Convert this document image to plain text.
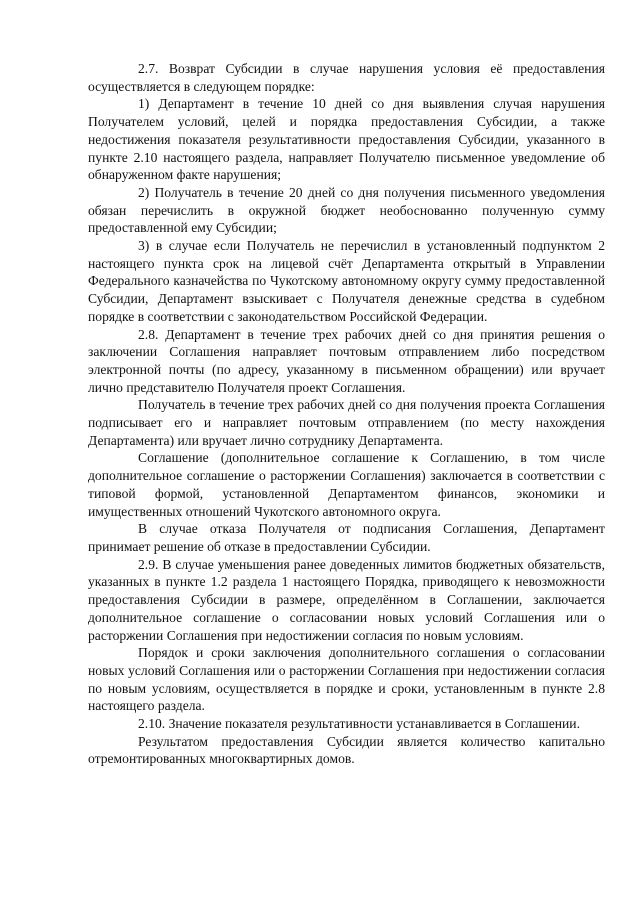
2.7. Возврат Субсидии в случае нарушения условия её предоставления осуществляется в следующем порядке:

1) Департамент в течение 10 дней со дня выявления случая нарушения Получателем условий, целей и порядка предоставления Субсидии, а также недостижения показателя результативности предоставления Субсидии, указанного в пункте 2.10 настоящего раздела, направляет Получателю письменное уведомление об обнаруженном факте нарушения;

2) Получатель в течение 20 дней со дня получения письменного уведомления обязан перечислить в окружной бюджет необоснованно полученную сумму предоставленной ему Субсидии;

3) в случае если Получатель не перечислил в установленный подпунктом 2 настоящего пункта срок на лицевой счёт Департамента открытый в Управлении Федерального казначейства по Чукотскому автономному округу сумму предоставленной Субсидии, Департамент взыскивает с Получателя денежные средства в судебном порядке в соответствии с законодательством Российской Федерации.

2.8. Департамент в течение трех рабочих дней со дня принятия решения о заключении Соглашения направляет почтовым отправлением либо посредством электронной почты (по адресу, указанному в письменном обращении) или вручает лично представителю Получателя проект Соглашения.

Получатель в течение трех рабочих дней со дня получения проекта Соглашения подписывает его и направляет почтовым отправлением (по месту нахождения Департамента) или вручает лично сотруднику Департамента.

Соглашение (дополнительное соглашение к Соглашению, в том числе дополнительное соглашение о расторжении Соглашения) заключается в соответствии с типовой формой, установленной Департаментом финансов, экономики и имущественных отношений Чукотского автономного округа.

В случае отказа Получателя от подписания Соглашения, Департамент принимает решение об отказе в предоставлении Субсидии.

2.9. В случае уменьшения ранее доведенных лимитов бюджетных обязательств, указанных в пункте 1.2 раздела 1 настоящего Порядка, приводящего к невозможности предоставления Субсидии в размере, определённом в Соглашении, заключается дополнительное соглашение о согласовании новых условий Соглашения или о расторжении Соглашения при недостижении согласия по новым условиям.

Порядок и сроки заключения дополнительного соглашения о согласовании новых условий Соглашения или о расторжении Соглашения при недостижении согласия по новым условиям, осуществляется в порядке и сроки, установленным в пункте 2.8 настоящего раздела.

2.10. Значение показателя результативности устанавливается в Соглашении.

Результатом предоставления Субсидии является количество капитально отремонтированных многоквартирных домов.
